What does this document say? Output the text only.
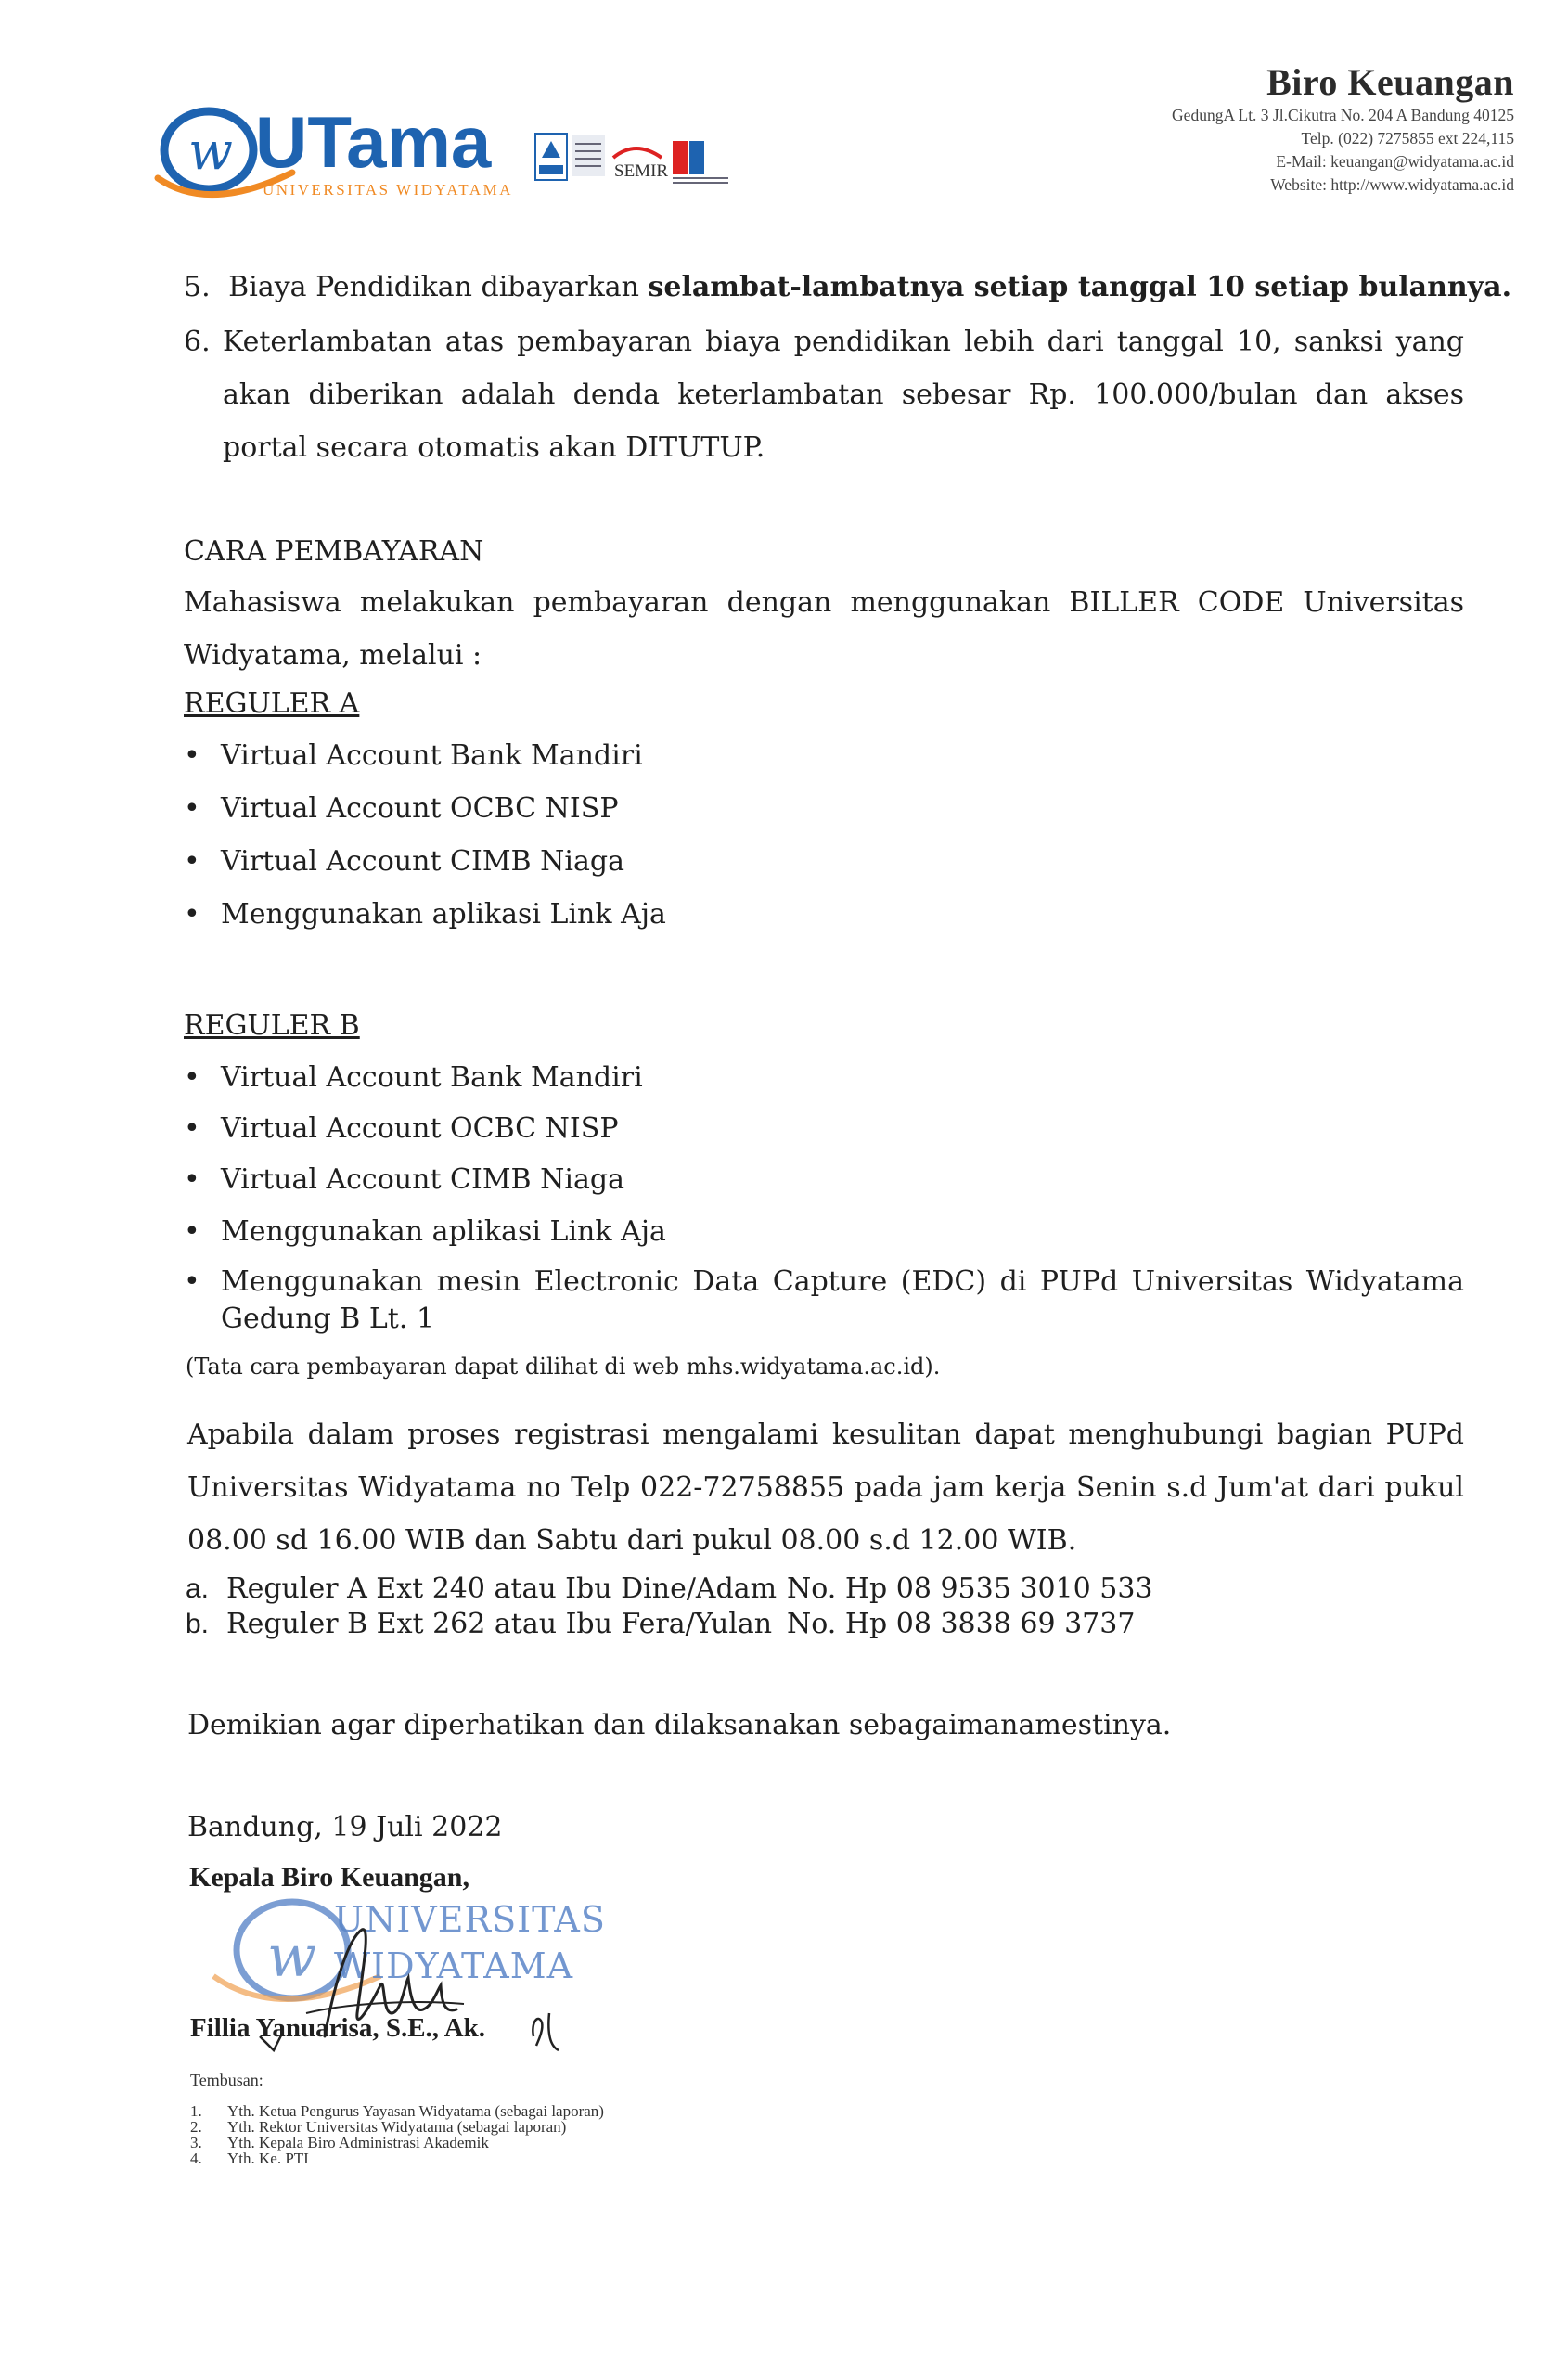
w UTama
UNIVERSITAS WIDYATAMA
SEMIR
Biro Keuangan
GedungA Lt. 3 Jl.Cikutra No. 204 A Bandung 40125
Telp. (022) 7275855 ext 224,115
E-Mail: keuangan@widyatama.ac.id
Website: http://www.widyatama.ac.id
5. Biaya Pendidikan dibayarkan selambat-lambatnya setiap tanggal 10 setiap bulannya.
6. Keterlambatan atas pembayaran biaya pendidikan lebih dari tanggal 10, sanksi yang akan diberikan adalah denda keterlambatan sebesar Rp. 100.000/bulan dan akses portal secara otomatis akan DITUTUP.
CARA PEMBAYARAN
Mahasiswa melakukan pembayaran dengan menggunakan BILLER CODE Universitas Widyatama, melalui :
REGULER A
• Virtual Account Bank Mandiri
• Virtual Account OCBC NISP
• Virtual Account CIMB Niaga
• Menggunakan aplikasi Link Aja
REGULER B
• Virtual Account Bank Mandiri
• Virtual Account OCBC NISP
• Virtual Account CIMB Niaga
• Menggunakan aplikasi Link Aja
• Menggunakan mesin Electronic Data Capture (EDC) di PUPd Universitas Widyatama Gedung B Lt. 1
(Tata cara pembayaran dapat dilihat di web mhs.widyatama.ac.id).
Apabila dalam proses registrasi mengalami kesulitan dapat menghubungi bagian PUPd Universitas Widyatama no Telp 022-72758855 pada jam kerja Senin s.d Jum'at dari pukul 08.00 sd 16.00 WIB dan Sabtu dari pukul 08.00 s.d 12.00 WIB.
a. Reguler A Ext 240 atau Ibu Dine/Adam No. Hp 08 9535 3010 533
b. Reguler B Ext 262 atau Ibu Fera/Yulan No. Hp 08 3838 69 3737
Demikian agar diperhatikan dan dilaksanakan sebagaimanamestinya.
Bandung, 19 Juli 2022
Kepala Biro Keuangan,
w
UNIVERSITAS
WIDYATAMA
Fillia Yanuarisa, S.E., Ak.
Tembusan:
1. Yth. Ketua Pengurus Yayasan Widyatama (sebagai laporan)
2. Yth. Rektor Universitas Widyatama (sebagai laporan)
3. Yth. Kepala Biro Administrasi Akademik
4. Yth. Ke. PTI
